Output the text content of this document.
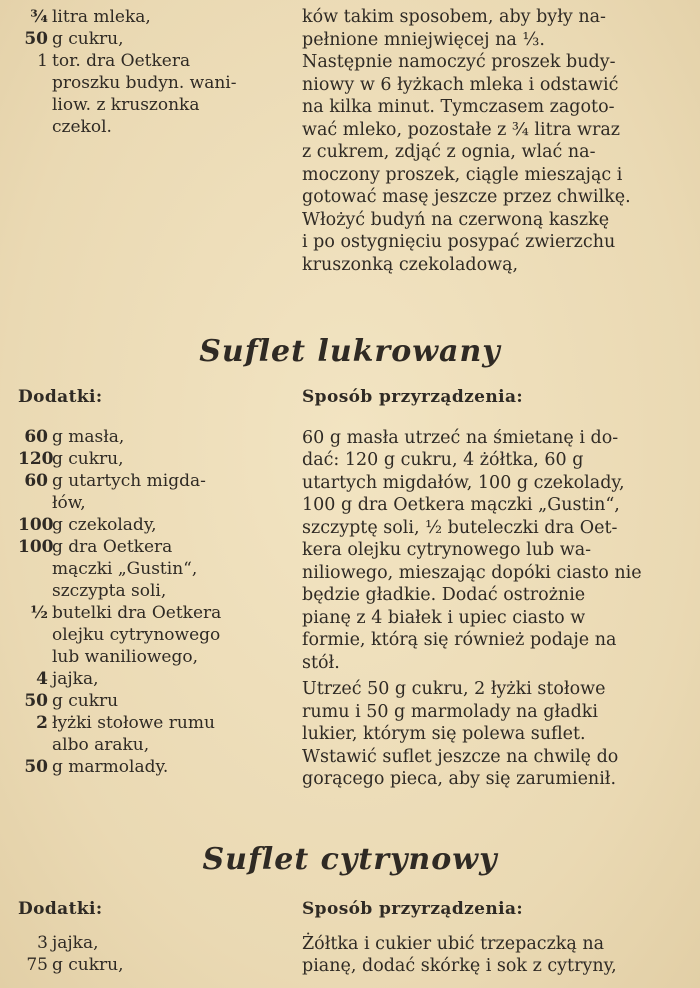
¾ litra mleka,
50 g cukru,
1 tor. dra Oetkera
proszku budyn. wani-
liow. z kruszonka
czekol.
ków takim sposobem, aby były na-
pełnione mniejwięcej na ⅓.
Następnie namoczyć proszek budy-
niowy w 6 łyżkach mleka i odstawić
na kilka minut. Tymczasem zagoto-
wać mleko, pozostałe z ¾ litra wraz
z cukrem, zdjąć z ognia, wlać na-
moczony proszek, ciągle mieszając i
gotować masę jeszcze przez chwilkę.
Włożyć budyń na czerwoną kaszkę
i po ostygnięciu posypać zwierzchu
kruszonką czekoladową,
Suflet lukrowany
Dodatki:
60 g masła,
120
g cukru,
60 g utartych migda-
łów,
100
g czekolady,
100
g dra Oetkera
mączki „Gustin“,
szczypta soli,
½ butelki dra Oetkera
olejku cytrynowego
lub waniliowego,
4 jajka,
50 g cukru
2 łyżki stołowe rumu
albo araku,
50 g marmolady.
Sposób przyrządzenia:
60 g masła utrzeć na śmietanę i do-
dać: 120 g cukru, 4 żółtka, 60 g
utartych migdałów, 100 g czekolady,
100 g dra Oetkera mączki „Gustin“,
szczyptę soli, ½ buteleczki dra Oet-
kera olejku cytrynowego lub wa-
niliowego, mieszając dopóki ciasto nie
będzie gładkie. Dodać ostrożnie
pianę z 4 białek i upiec ciasto w
formie, którą się również podaje na
stół.
Utrzeć 50 g cukru, 2 łyżki stołowe
rumu i 50 g marmolady na gładki
lukier, którym się polewa suflet.
Wstawić suflet jeszcze na chwilę do
gorącego pieca, aby się zarumienił.
Suflet cytrynowy
Dodatki:
3 jajka,
75 g cukru,
Sposób przyrządzenia:
Żółtka i cukier ubić trzepaczką na
pianę, dodać skórkę i sok z cytryny,
